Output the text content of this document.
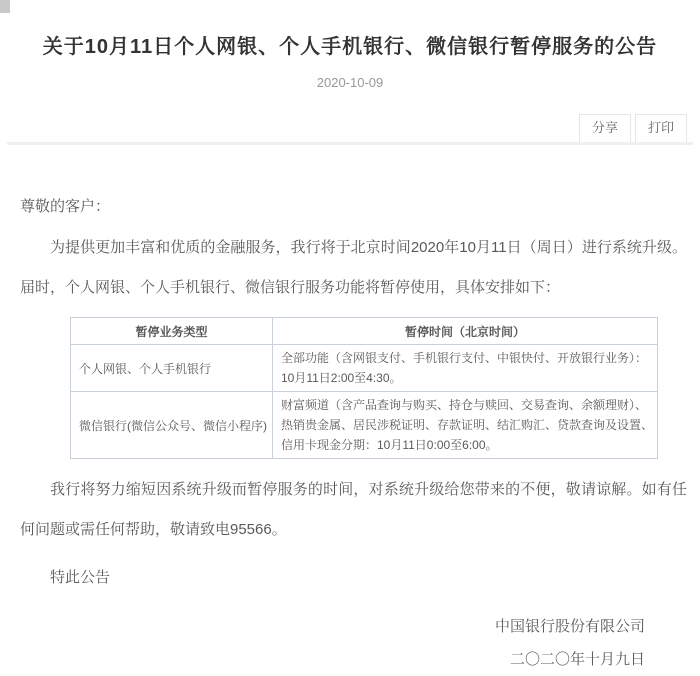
关于10月11日个人网银、个人手机银行、微信银行暂停服务的公告
2020-10-09
分享	打印
尊敬的客户：
为提供更加丰富和优质的金融服务，我行将于北京时间2020年10月11日（周日）进行系统升级。届时，个人网银、个人手机银行、微信银行服务功能将暂停使用，具体安排如下：
暂停业务类型	暂停时间（北京时间）
个人网银、个人手机银行	全部功能（含网银支付、手机银行支付、中银快付、开放银行业务）：
10月11日2:00至4:30。

微信银行(微信公众号、微信小程序)	财富频道（含产品查询与购买、持仓与赎回、交易查询、余额理财）、
热销贵金属、居民涉税证明、存款证明、结汇购汇、贷款查询及设置、
信用卡现金分期：10月11日0:00至6:00。
我行将努力缩短因系统升级而暂停服务的时间，对系统升级给您带来的不便，敬请谅解。如有任何问题或需任何帮助，敬请致电95566。
特此公告
中国银行股份有限公司
二〇二〇年十月九日
